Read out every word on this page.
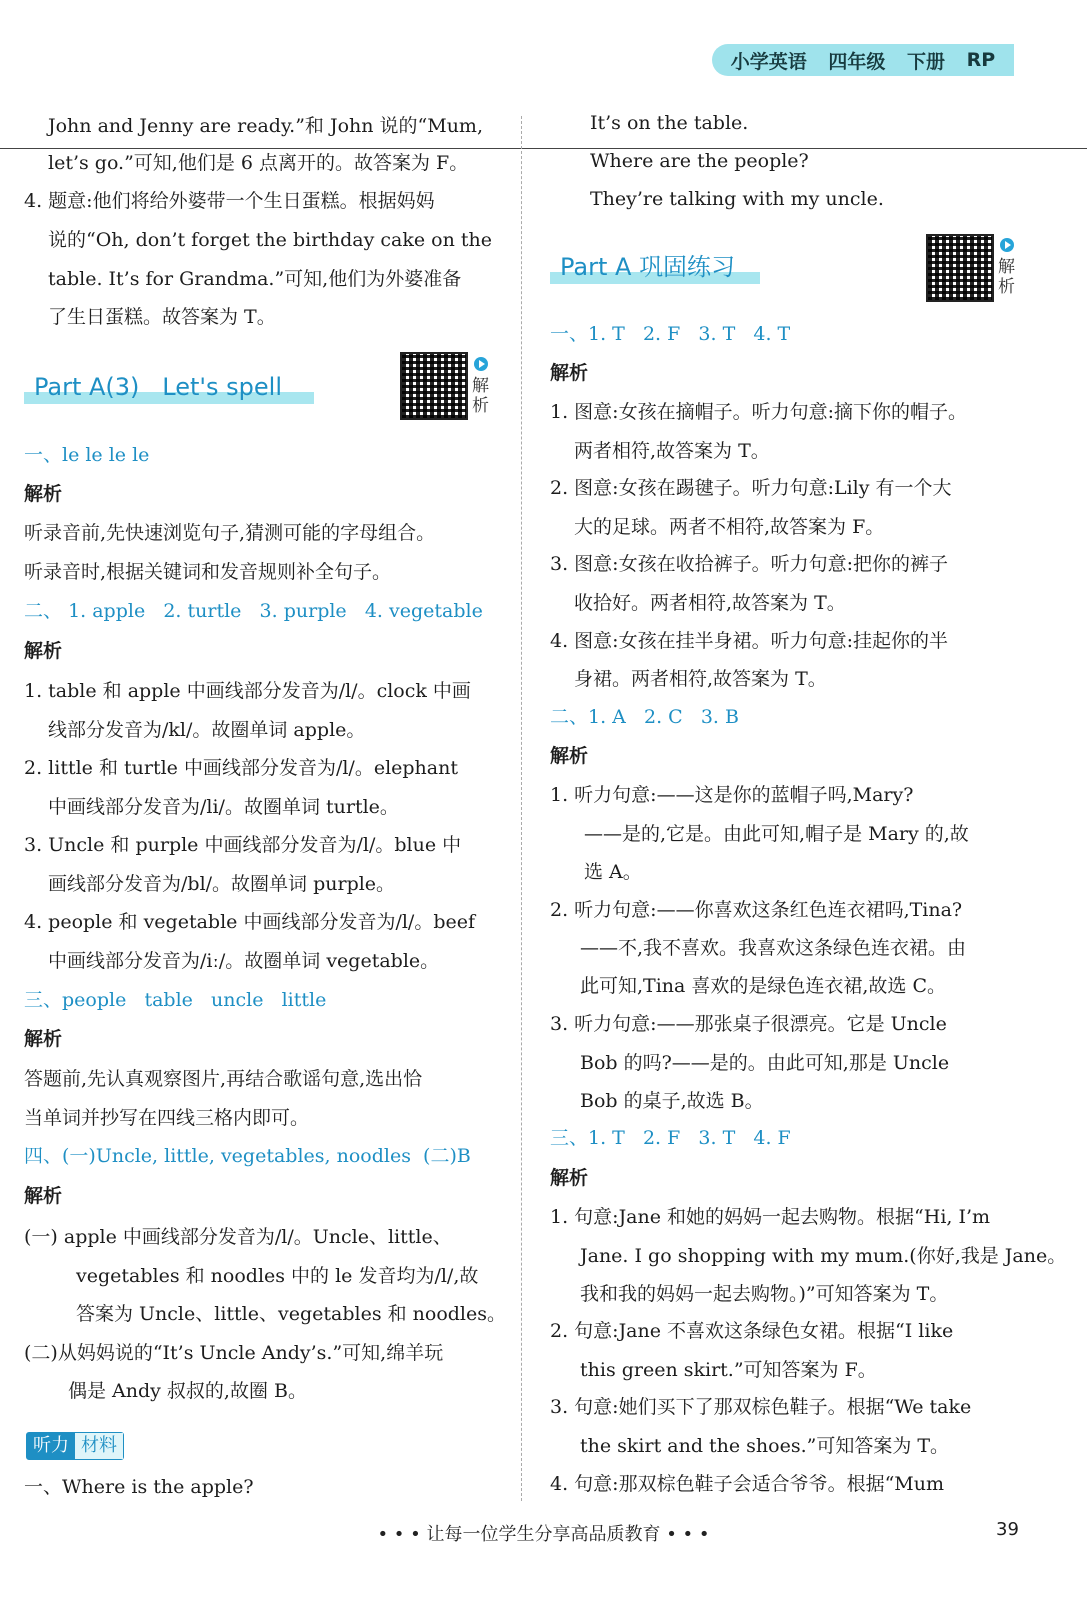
小学英语 四年级 下册 RP
John and Jenny are ready.”和 John 说的“Mum,
let’s go.”可知,他们是 6 点离开的。故答案为 F。
4. 题意:他们将给外婆带一个生日蛋糕。根据妈妈
说的“Oh, don’t forget the birthday cake on the
table. It’s for Grandma.”可知,他们为外婆准备
了生日蛋糕。故答案为 T。
Part A(3)   Let's spell	解析
一、le le le le
解析
听录音前,先快速浏览句子,猜测可能的字母组合。
听录音时,根据关键词和发音规则补全句子。
二、 1. apple 2. turtle 3. purple 4. vegetable
解析
1. table 和 apple 中画线部分发音为/l/。clock 中画
线部分发音为/kl/。故圈单词 apple。
2. little 和 turtle 中画线部分发音为/l/。elephant
中画线部分发音为/li/。故圈单词 turtle。
3. Uncle 和 purple 中画线部分发音为/l/。blue 中
画线部分发音为/bl/。故圈单词 purple。
4. people 和 vegetable 中画线部分发音为/l/。beef
中画线部分发音为/iː/。故圈单词 vegetable。
三、people   table   uncle   little
解析
答题前,先认真观察图片,再结合歌谣句意,选出恰
当单词并抄写在四线三格内即可。
四、(一)Uncle, little, vegetables, noodles  (二)B
解析
(一) apple 中画线部分发音为/l/。Uncle、little、
vegetables 和 noodles 中的 le 发音均为/l/,故
答案为 Uncle、little、vegetables 和 noodles。
(二)从妈妈说的“It’s Uncle Andy’s.”可知,绵羊玩
偶是 Andy 叔叔的,故圈 B。
听力 材料
一、Where is the apple?
It’s on the table.
Where are the people?
They’re talking with my uncle.
Part A 巩固练习	解析
一、1. T   2. F   3. T   4. T
解析
1. 图意:女孩在摘帽子。听力句意:摘下你的帽子。
两者相符,故答案为 T。
2. 图意:女孩在踢毽子。听力句意:Lily 有一个大
大的足球。两者不相符,故答案为 F。
3. 图意:女孩在收拾裤子。听力句意:把你的裤子
收拾好。两者相符,故答案为 T。
4. 图意:女孩在挂半身裙。听力句意:挂起你的半
身裙。两者相符,故答案为 T。
二、1. A   2. C   3. B
解析
1. 听力句意:——这是你的蓝帽子吗,Mary?
——是的,它是。由此可知,帽子是 Mary 的,故
选 A。
2. 听力句意:——你喜欢这条红色连衣裙吗,Tina?
——不,我不喜欢。我喜欢这条绿色连衣裙。由
此可知,Tina 喜欢的是绿色连衣裙,故选 C。
3. 听力句意:——那张桌子很漂亮。它是 Uncle
Bob 的吗?——是的。由此可知,那是 Uncle
Bob 的桌子,故选 B。
三、1. T   2. F   3. T   4. F
解析
1. 句意:Jane 和她的妈妈一起去购物。根据“Hi, I’m
Jane. I go shopping with my mum.(你好,我是 Jane。
我和我的妈妈一起去购物。)”可知答案为 T。
2. 句意:Jane 不喜欢这条绿色女裙。根据“I like
this green skirt.”可知答案为 F。
3. 句意:她们买下了那双棕色鞋子。根据“We take
the skirt and the shoes.”可知答案为 T。
4. 句意:那双棕色鞋子会适合爷爷。根据“Mum
• • • 让每一位学生分享高品质教育 • • •	39
